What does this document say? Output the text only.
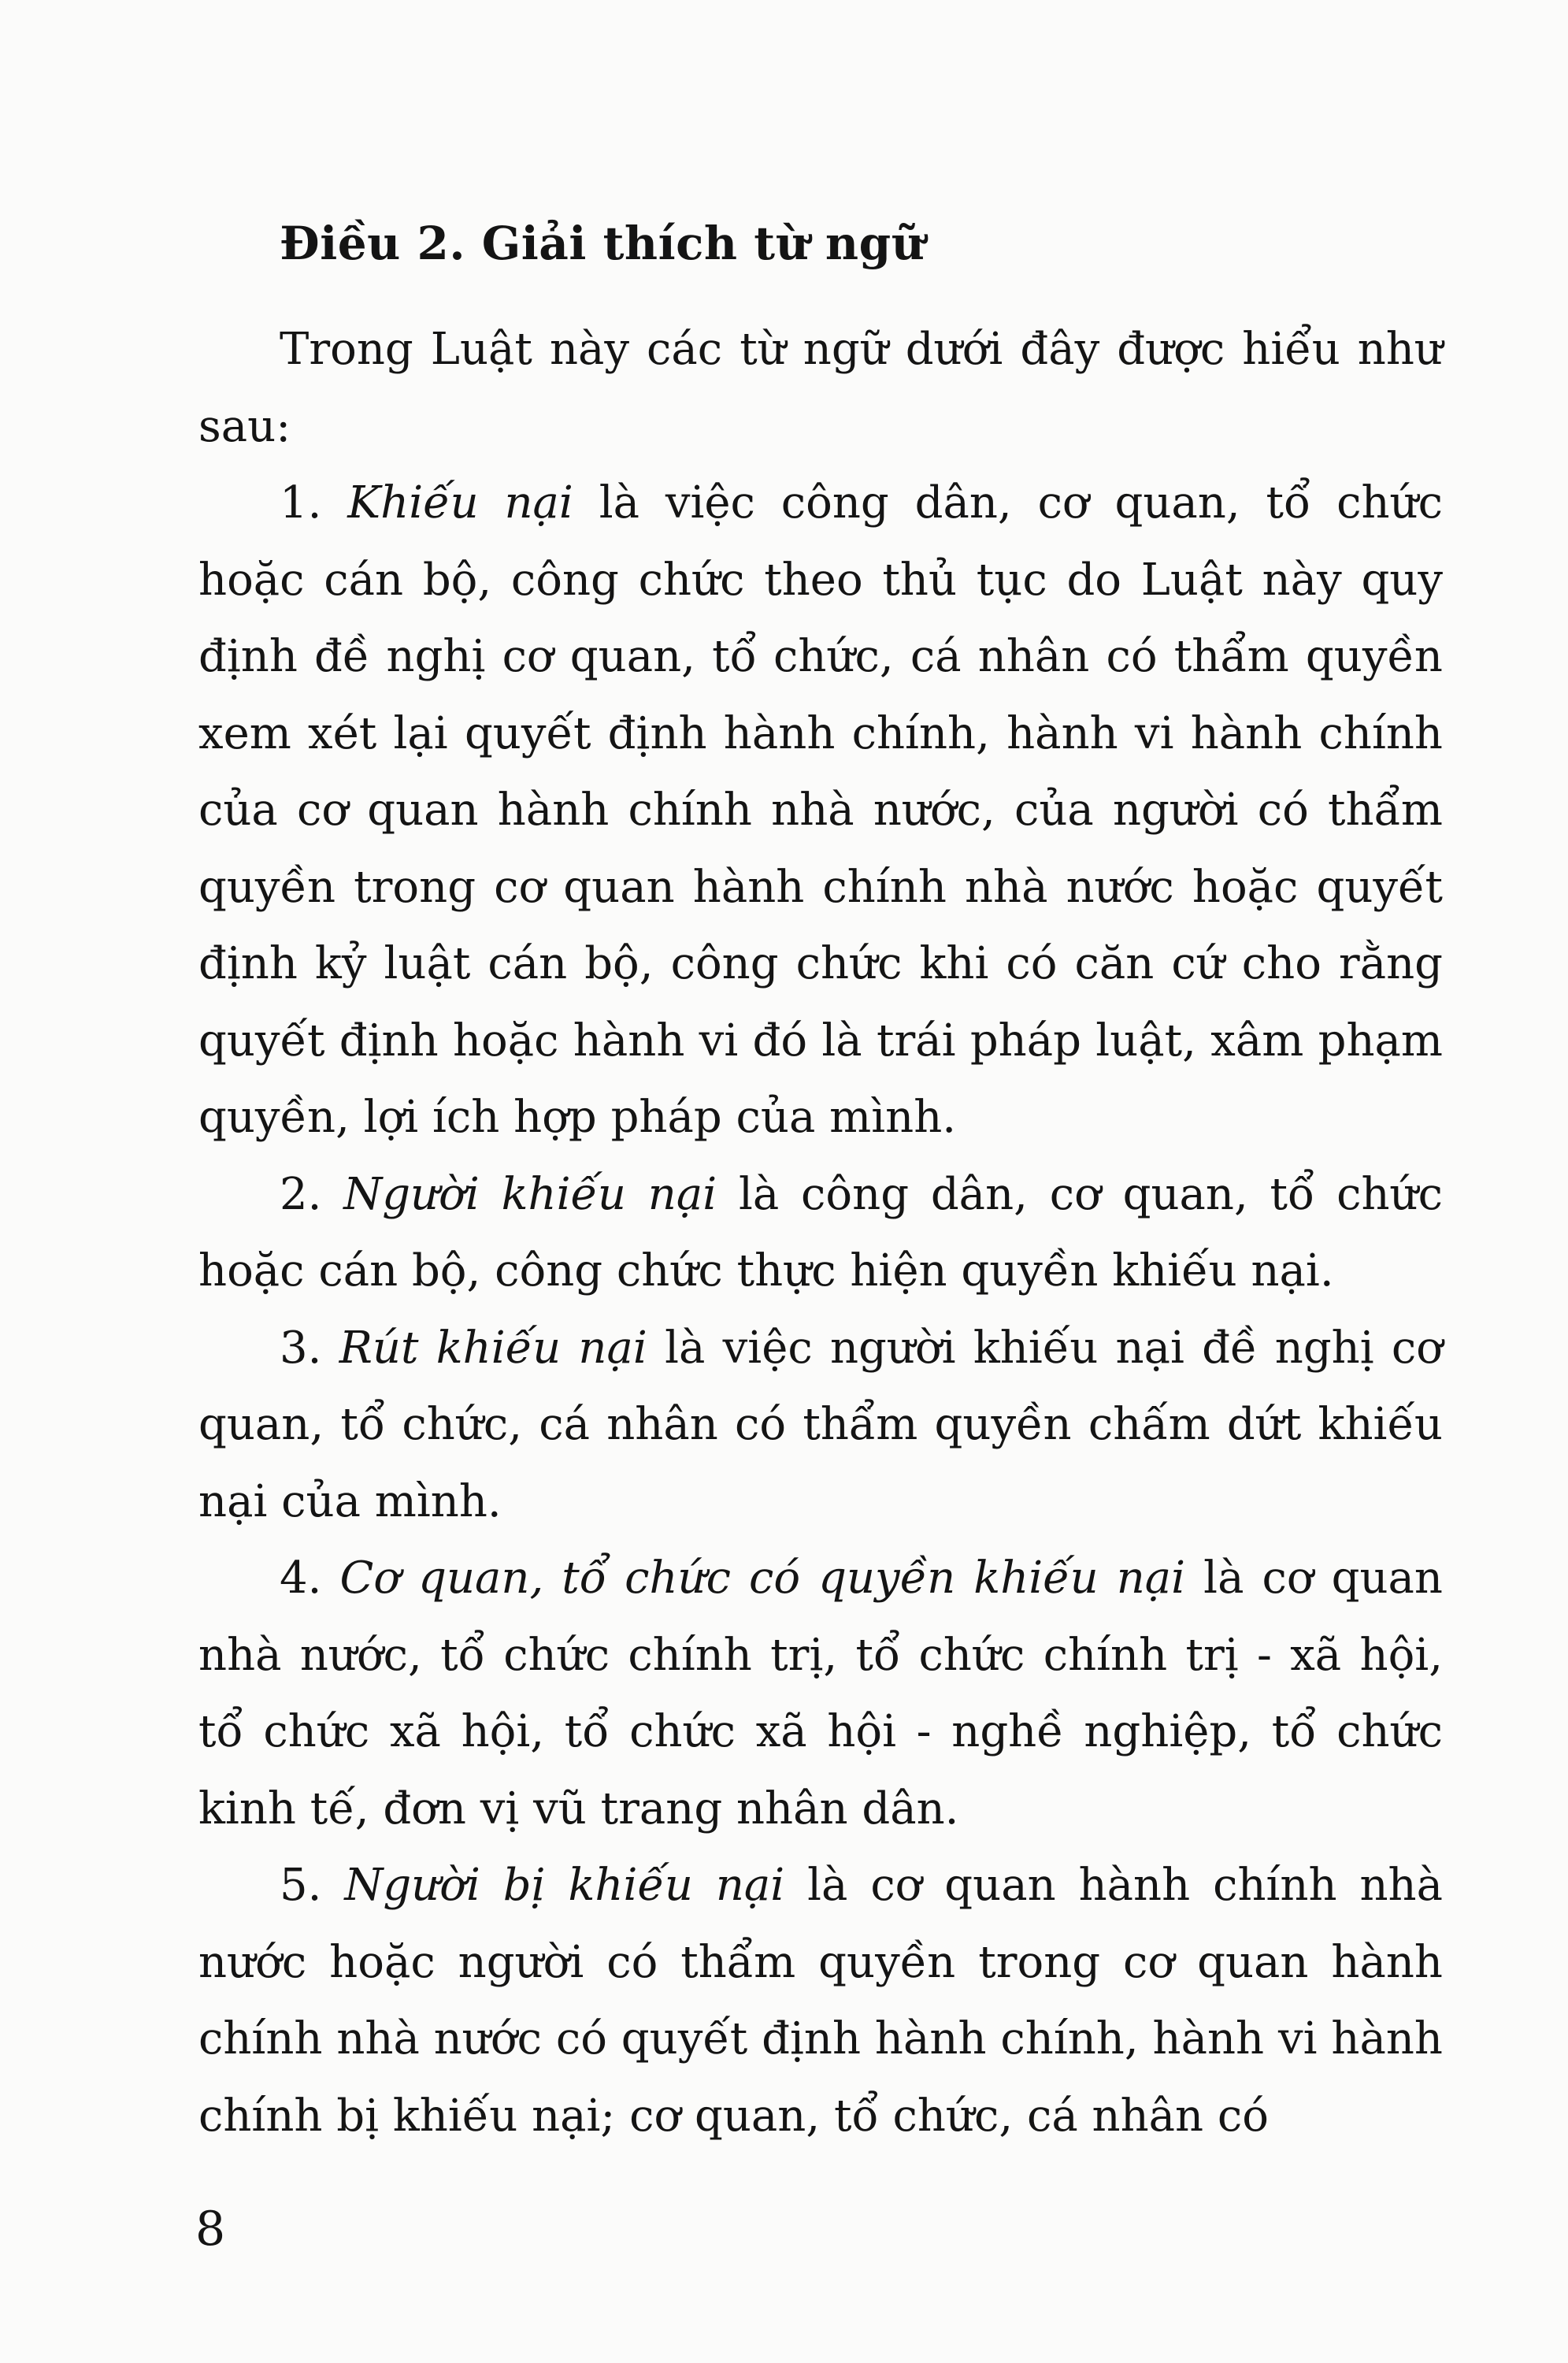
Điều 2. Giải thích từ ngữ

Trong Luật này các từ ngữ dưới đây được hiểu như sau:

1. Khiếu nại là việc công dân, cơ quan, tổ chức hoặc cán bộ, công chức theo thủ tục do Luật này quy định đề nghị cơ quan, tổ chức, cá nhân có thẩm quyền xem xét lại quyết định hành chính, hành vi hành chính của cơ quan hành chính nhà nước, của người có thẩm quyền trong cơ quan hành chính nhà nước hoặc quyết định kỷ luật cán bộ, công chức khi có căn cứ cho rằng quyết định hoặc hành vi đó là trái pháp luật, xâm phạm quyền, lợi ích hợp pháp của mình.

2. Người khiếu nại là công dân, cơ quan, tổ chức hoặc cán bộ, công chức thực hiện quyền khiếu nại.

3. Rút khiếu nại là việc người khiếu nại đề nghị cơ quan, tổ chức, cá nhân có thẩm quyền chấm dứt khiếu nại của mình.

4. Cơ quan, tổ chức có quyền khiếu nại là cơ quan nhà nước, tổ chức chính trị, tổ chức chính trị - xã hội, tổ chức xã hội, tổ chức xã hội - nghề nghiệp, tổ chức kinh tế, đơn vị vũ trang nhân dân.

5. Người bị khiếu nại là cơ quan hành chính nhà nước hoặc người có thẩm quyền trong cơ quan hành chính nhà nước có quyết định hành chính, hành vi hành chính bị khiếu nại; cơ quan, tổ chức, cá nhân có

8
